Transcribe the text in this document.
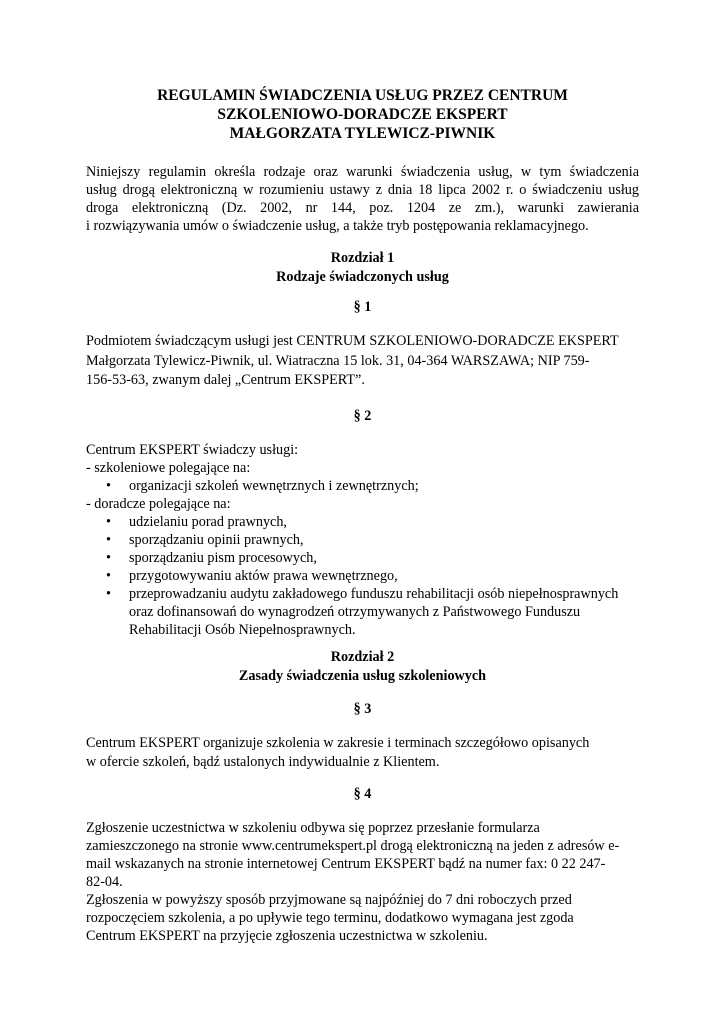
REGULAMIN ŚWIADCZENIA USŁUG PRZEZ CENTRUM
SZKOLENIOWO-DORADCZE EKSPERT
MAŁGORZATA TYLEWICZ-PIWNIK
Niniejszy regulamin określa rodzaje oraz warunki świadczenia usług, w tym świadczenia
usług drogą elektroniczną w rozumieniu ustawy z dnia 18 lipca 2002 r. o świadczeniu usług
droga elektroniczną (Dz. 2002, nr 144, poz. 1204 ze zm.), warunki zawierania
i rozwiązywania umów o świadczenie usług, a także tryb postępowania reklamacyjnego.
Rozdział 1
Rodzaje świadczonych usług
§ 1
Podmiotem świadczącym usługi jest CENTRUM SZKOLENIOWO-DORADCZE EKSPERT
Małgorzata Tylewicz-Piwnik, ul. Wiatraczna 15 lok. 31, 04-364 WARSZAWA; NIP 759-
156-53-63, zwanym dalej „Centrum EKSPERT”.
§ 2
Centrum EKSPERT świadczy usługi:
- szkoleniowe polegające na:
• organizacji szkoleń wewnętrznych i zewnętrznych;
- doradcze polegające na:
• udzielaniu porad prawnych,
• sporządzaniu opinii prawnych,
• sporządzaniu pism procesowych,
• przygotowywaniu aktów prawa wewnętrznego,
• przeprowadzaniu audytu zakładowego funduszu rehabilitacji osób niepełnosprawnych
oraz dofinansowań do wynagrodzeń otrzymywanych z Państwowego Funduszu
Rehabilitacji Osób Niepełnosprawnych.
Rozdział 2
Zasady świadczenia usług szkoleniowych
§ 3
Centrum EKSPERT organizuje szkolenia w zakresie i terminach szczegółowo opisanych
w ofercie szkoleń, bądź ustalonych indywidualnie z Klientem.
§ 4
Zgłoszenie uczestnictwa w szkoleniu odbywa się poprzez przesłanie formularza
zamieszczonego na stronie www.centrumekspert.pl drogą elektroniczną na jeden z adresów e-
mail wskazanych na stronie internetowej Centrum EKSPERT bądź na numer fax: 0 22 247-
82-04.
Zgłoszenia w powyższy sposób przyjmowane są najpóźniej do 7 dni roboczych przed
rozpoczęciem szkolenia, a po upływie tego terminu, dodatkowo wymagana jest zgoda
Centrum EKSPERT na przyjęcie zgłoszenia uczestnictwa w szkoleniu.
